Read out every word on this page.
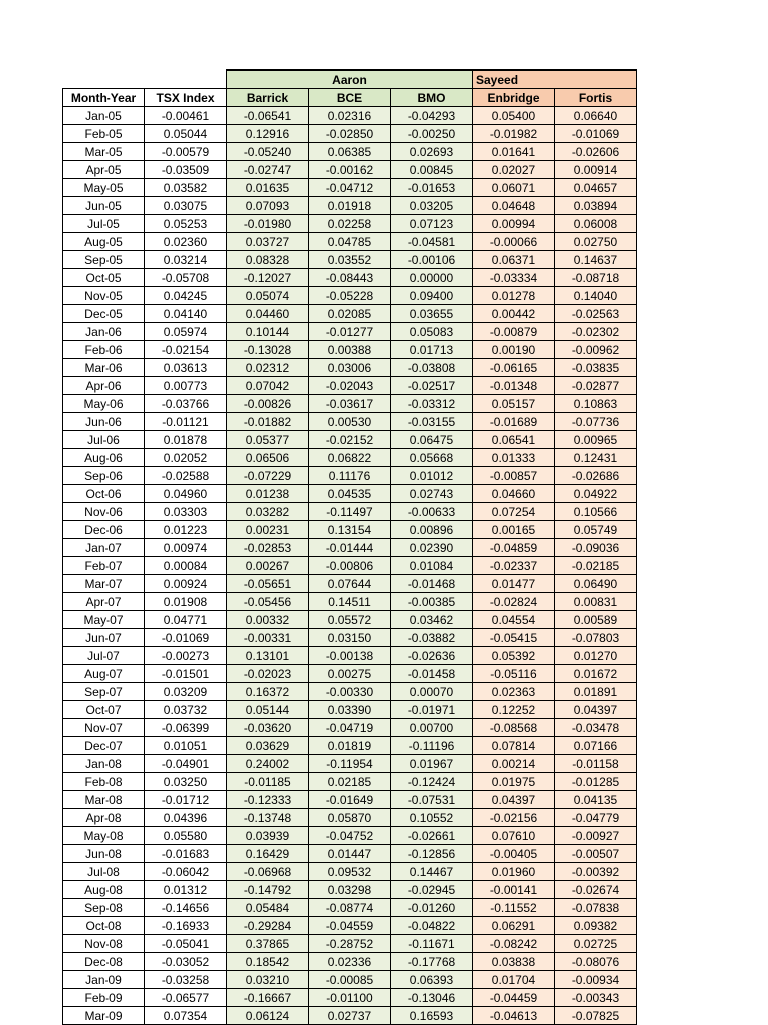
		Aaron			Sayeed	
Month-Year	TSX Index	Barrick	BCE	BMO	Enbridge	Fortis
Jan-05	-0.00461	-0.06541	0.02316	-0.04293	0.05400	0.06640
Feb-05	0.05044	0.12916	-0.02850	-0.00250	-0.01982	-0.01069
Mar-05	-0.00579	-0.05240	0.06385	0.02693	0.01641	-0.02606
Apr-05	-0.03509	-0.02747	-0.00162	0.00845	0.02027	0.00914
May-05	0.03582	0.01635	-0.04712	-0.01653	0.06071	0.04657
Jun-05	0.03075	0.07093	0.01918	0.03205	0.04648	0.03894
Jul-05	0.05253	-0.01980	0.02258	0.07123	0.00994	0.06008
Aug-05	0.02360	0.03727	0.04785	-0.04581	-0.00066	0.02750
Sep-05	0.03214	0.08328	0.03552	-0.00106	0.06371	0.14637
Oct-05	-0.05708	-0.12027	-0.08443	0.00000	-0.03334	-0.08718
Nov-05	0.04245	0.05074	-0.05228	0.09400	0.01278	0.14040
Dec-05	0.04140	0.04460	0.02085	0.03655	0.00442	-0.02563
Jan-06	0.05974	0.10144	-0.01277	0.05083	-0.00879	-0.02302
Feb-06	-0.02154	-0.13028	0.00388	0.01713	0.00190	-0.00962
Mar-06	0.03613	0.02312	0.03006	-0.03808	-0.06165	-0.03835
Apr-06	0.00773	0.07042	-0.02043	-0.02517	-0.01348	-0.02877
May-06	-0.03766	-0.00826	-0.03617	-0.03312	0.05157	0.10863
Jun-06	-0.01121	-0.01882	0.00530	-0.03155	-0.01689	-0.07736
Jul-06	0.01878	0.05377	-0.02152	0.06475	0.06541	0.00965
Aug-06	0.02052	0.06506	0.06822	0.05668	0.01333	0.12431
Sep-06	-0.02588	-0.07229	0.11176	0.01012	-0.00857	-0.02686
Oct-06	0.04960	0.01238	0.04535	0.02743	0.04660	0.04922
Nov-06	0.03303	0.03282	-0.11497	-0.00633	0.07254	0.10566
Dec-06	0.01223	0.00231	0.13154	0.00896	0.00165	0.05749
Jan-07	0.00974	-0.02853	-0.01444	0.02390	-0.04859	-0.09036
Feb-07	0.00084	0.00267	-0.00806	0.01084	-0.02337	-0.02185
Mar-07	0.00924	-0.05651	0.07644	-0.01468	0.01477	0.06490
Apr-07	0.01908	-0.05456	0.14511	-0.00385	-0.02824	0.00831
May-07	0.04771	0.00332	0.05572	0.03462	0.04554	0.00589
Jun-07	-0.01069	-0.00331	0.03150	-0.03882	-0.05415	-0.07803
Jul-07	-0.00273	0.13101	-0.00138	-0.02636	0.05392	0.01270
Aug-07	-0.01501	-0.02023	0.00275	-0.01458	-0.05116	0.01672
Sep-07	0.03209	0.16372	-0.00330	0.00070	0.02363	0.01891
Oct-07	0.03732	0.05144	0.03390	-0.01971	0.12252	0.04397
Nov-07	-0.06399	-0.03620	-0.04719	0.00700	-0.08568	-0.03478
Dec-07	0.01051	0.03629	0.01819	-0.11196	0.07814	0.07166
Jan-08	-0.04901	0.24002	-0.11954	0.01967	0.00214	-0.01158
Feb-08	0.03250	-0.01185	0.02185	-0.12424	0.01975	-0.01285
Mar-08	-0.01712	-0.12333	-0.01649	-0.07531	0.04397	0.04135
Apr-08	0.04396	-0.13748	0.05870	0.10552	-0.02156	-0.04779
May-08	0.05580	0.03939	-0.04752	-0.02661	0.07610	-0.00927
Jun-08	-0.01683	0.16429	0.01447	-0.12856	-0.00405	-0.00507
Jul-08	-0.06042	-0.06968	0.09532	0.14467	0.01960	-0.00392
Aug-08	0.01312	-0.14792	0.03298	-0.02945	-0.00141	-0.02674
Sep-08	-0.14656	0.05484	-0.08774	-0.01260	-0.11552	-0.07838
Oct-08	-0.16933	-0.29284	-0.04559	-0.04822	0.06291	0.09382
Nov-08	-0.05041	0.37865	-0.28752	-0.11671	-0.08242	0.02725
Dec-08	-0.03052	0.18542	0.02336	-0.17768	0.03838	-0.08076
Jan-09	-0.03258	0.03210	-0.00085	0.06393	0.01704	-0.00934
Feb-09	-0.06577	-0.16667	-0.01100	-0.13046	-0.04459	-0.00343
Mar-09	0.07354	0.06124	0.02737	0.16593	-0.04613	-0.07825
